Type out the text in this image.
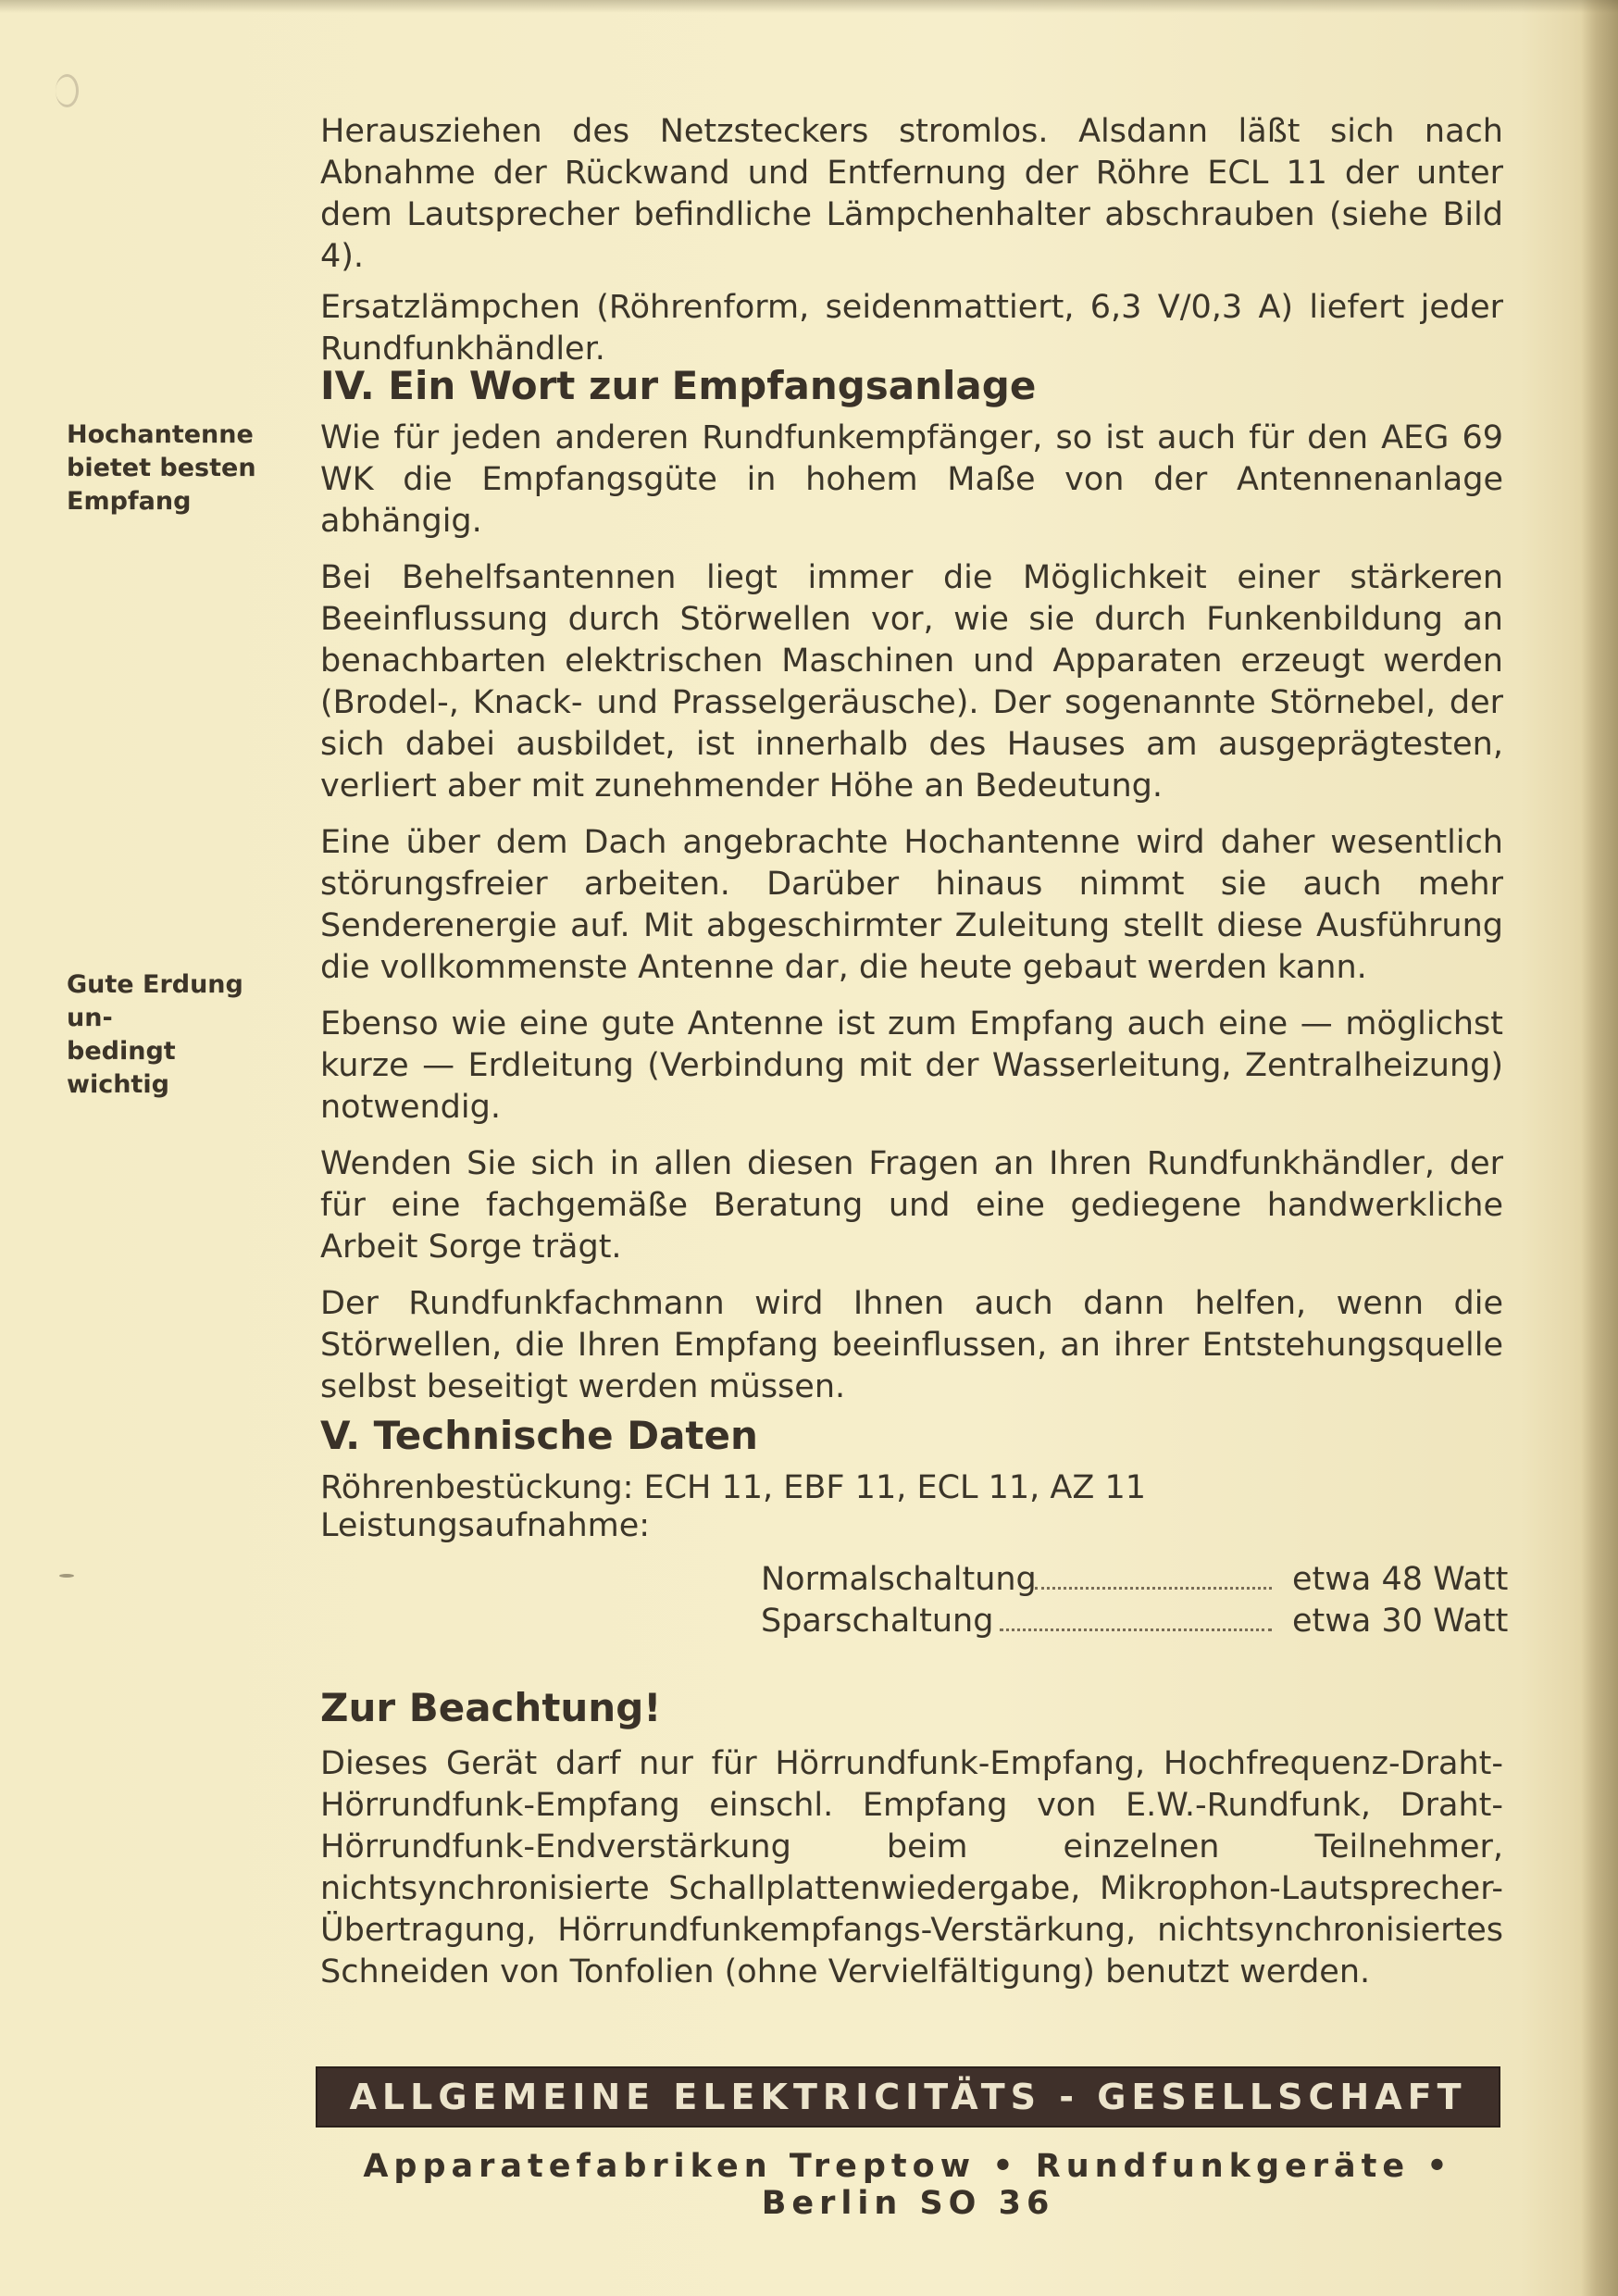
Herausziehen des Netzsteckers stromlos. Alsdann läßt sich nach Abnahme der Rückwand und Entfernung der Röhre ECL 11 der unter dem Lautsprecher befindliche Lämpchenhalter abschrauben (siehe Bild 4).

Ersatzlämpchen (Röhrenform, seidenmattiert, 6,3 V/0,3 A) liefert jeder Rundfunkhändler.

IV. Ein Wort zur Empfangsanlage

Wie für jeden anderen Rundfunkempfänger, so ist auch für den AEG 69 WK die Empfangsgüte in hohem Maße von der Antennenanlage abhängig.

Bei Behelfsantennen liegt immer die Möglichkeit einer stärkeren Beeinflussung durch Störwellen vor, wie sie durch Funkenbildung an benachbarten elektrischen Maschinen und Apparaten erzeugt werden (Brodel-, Knack- und Prasselgeräusche). Der sogenannte Störnebel, der sich dabei ausbildet, ist innerhalb des Hauses am ausgeprägtesten, verliert aber mit zunehmender Höhe an Bedeutung.

Eine über dem Dach angebrachte Hochantenne wird daher wesentlich störungsfreier arbeiten. Darüber hinaus nimmt sie auch mehr Senderenergie auf. Mit abgeschirmter Zuleitung stellt diese Ausführung die vollkommenste Antenne dar, die heute gebaut werden kann.

Ebenso wie eine gute Antenne ist zum Empfang auch eine — möglichst kurze — Erdleitung (Verbindung mit der Wasserleitung, Zentralheizung) notwendig.

Wenden Sie sich in allen diesen Fragen an Ihren Rundfunkhändler, der für eine fachgemäße Beratung und eine gediegene handwerkliche Arbeit Sorge trägt.

Der Rundfunkfachmann wird Ihnen auch dann helfen, wenn die Störwellen, die Ihren Empfang beeinflussen, an ihrer Entstehungsquelle selbst beseitigt werden müssen.

Hochantenne
bietet besten
Empfang
Gute Erdung un-
bedingt wichtig
V. Technische Daten

Röhrenbestückung: ECH 11, EBF 11, ECL 11, AZ 11

Leistungsaufnahme:

Normalschaltung	etwa 48 Watt
Sparschaltung	etwa 30 Watt
Zur Beachtung!

Dieses Gerät darf nur für Hörrundfunk-Empfang, Hochfrequenz-Draht-Hörrundfunk-Empfang einschl. Empfang von E.W.-Rundfunk, Draht-Hörrundfunk-Endverstärkung beim einzelnen Teilnehmer, nichtsynchronisierte Schallplattenwiedergabe, Mikrophon-Lautsprecher-Übertragung, Hörrundfunkempfangs-Verstärkung, nichtsynchronisiertes Schneiden von Tonfolien (ohne Vervielfältigung) benutzt werden.

ALLGEMEINE ELEKTRICITÄTS - GESELLSCHAFT
Apparatefabriken Treptow • Rundfunkgeräte • Berlin SO 36
